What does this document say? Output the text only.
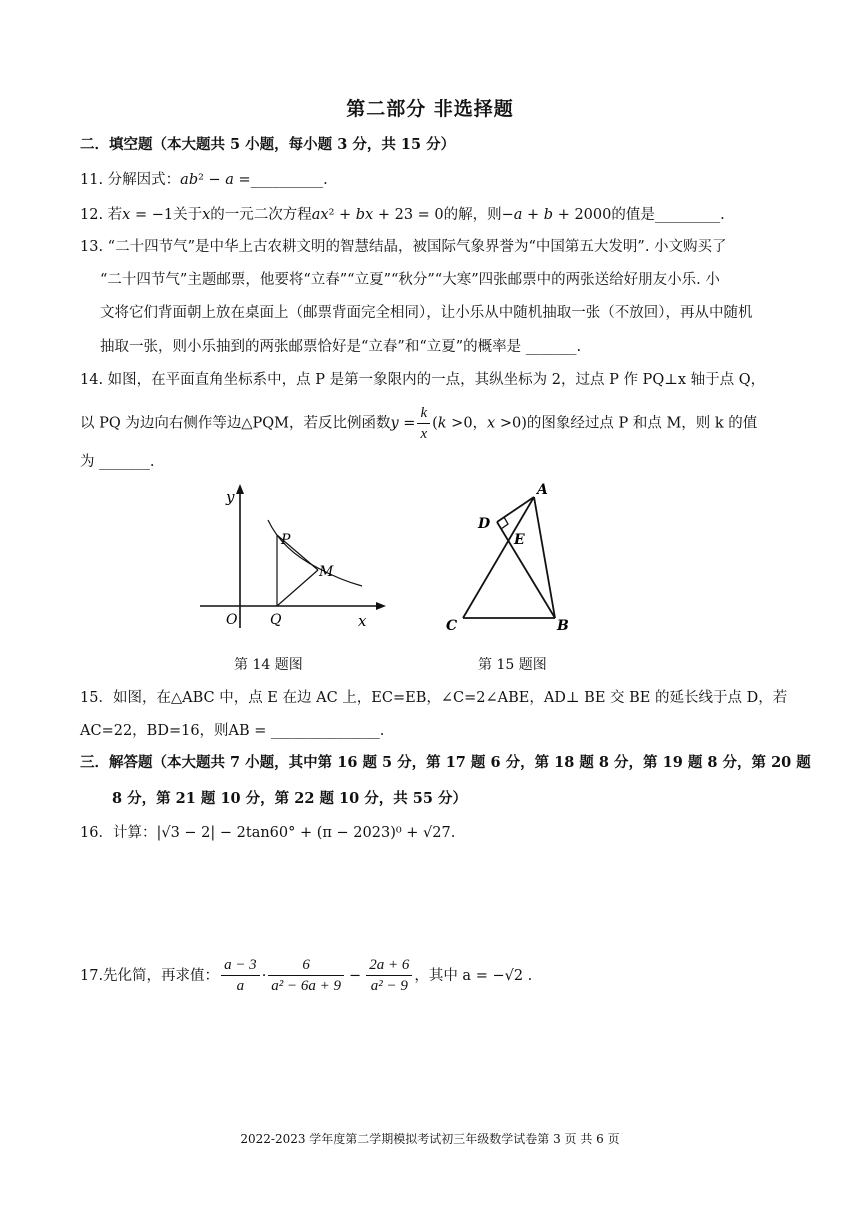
第二部分 非选择题
二．填空题（本大题共 5 小题，每小题 3 分，共 15 分）
11. 分解因式：𝑎𝑏² − 𝑎 =__________.
12. 若𝑥 = −1关于𝑥的一元二次方程𝑎𝑥² + 𝑏𝑥 + 23 = 0的解，则−𝑎 + 𝑏 + 2000的值是_________.
13. “二十四节气”是中华上古农耕文明的智慧结晶，被国际气象界誉为“中国第五大发明”. 小文购买了
“二十四节气”主题邮票，他要将“立春”“立夏”“秋分”“大寒”四张邮票中的两张送给好朋友小乐. 小
文将它们背面朝上放在桌面上（邮票背面完全相同），让小乐从中随机抽取一张（不放回），再从中随机
抽取一张，则小乐抽到的两张邮票恰好是“立春”和“立夏”的概率是 _______.
14. 如图，在平面直角坐标系中，点 P 是第一象限内的一点，其纵坐标为 2，过点 P 作 PQ⊥x 轴于点 Q，
以 PQ 为边向右侧作等边△PQM，若反比例函数𝑦 = $\frac{k}{x}$ (𝑘 >0，𝑥 >0)的图象经过点 P 和点 M，则 k 的值
为 _______.
y
x
O Q
P
M
A
D
E
C	B
第 14 题图	第 15 题图
15．如图，在△ABC 中，点 E 在边 AC 上，EC=EB，∠C=2∠ABE，AD⊥ BE 交 BE 的延长线于点 D，若
AC=22，BD=16，则AB = _______________.
三．解答题（本大题共 7 小题，其中第 16 题 5 分，第 17 题 6 分，第 18 题 8 分，第 19 题 8 分，第 20 题
8 分，第 21 题 10 分，第 22 题 10 分，共 55 分）
16．计算：|√3 − 2| − 2tan60° + (π − 2023)⁰ + √27.
17.先化简，再求值： $\frac{a - 3}{a} \cdot \frac{6}{\text{a² − 6a + 9}} - \frac{2a + 6}{\text{a² − 9}}$ ，其中 a = −√2 .
2022-2023 学年度第二学期模拟考试初三年级数学试卷第 3 页 共 6 页
